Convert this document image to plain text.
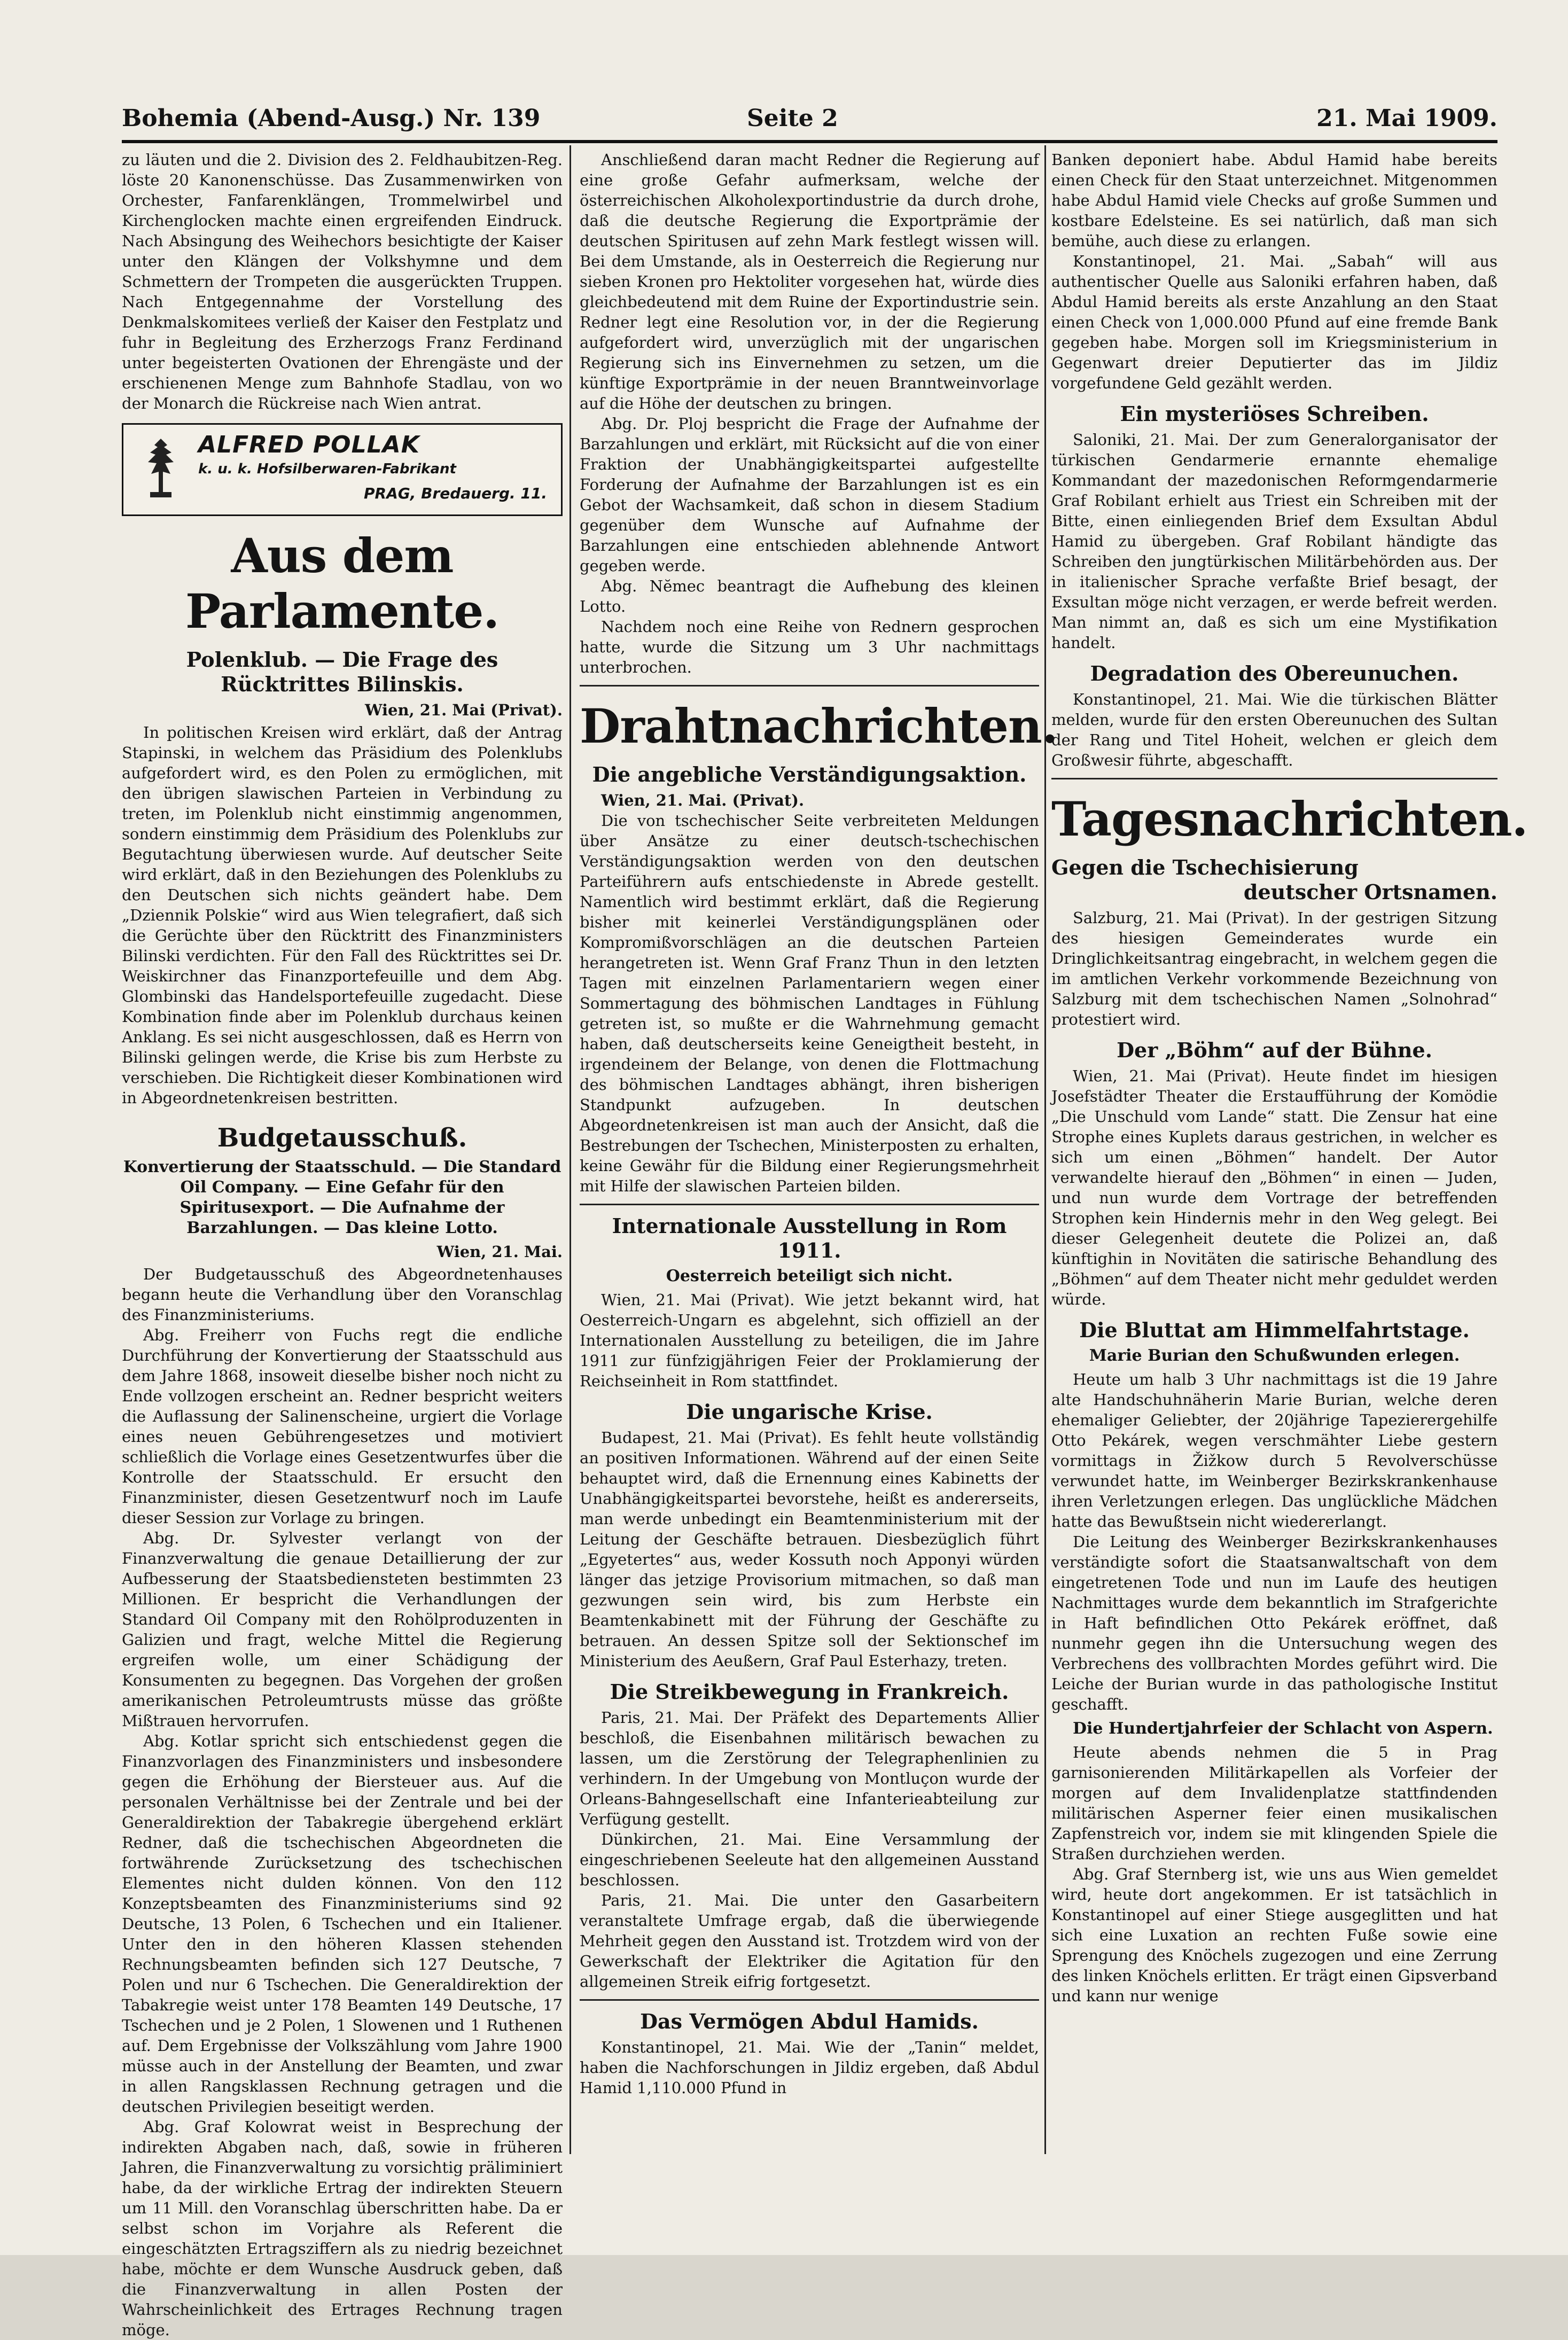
Bohemia (Abend-Ausg.) Nr. 139	Seite 2	21. Mai 1909.

zu läuten und die 2. Division des 2. Feldhaubitzen-Reg. löste 20 Kanonenschüsse. Das Zusammenwirken von Orchester, Fanfarenklängen, Trommelwirbel und Kirchenglocken machte einen ergreifenden Eindruck. Nach Absingung des Weihechors besichtigte der Kaiser unter den Klängen der Volkshymne und dem Schmettern der Trompeten die ausgerückten Truppen. Nach Entgegennahme der Vorstellung des Denkmalskomitees verließ der Kaiser den Festplatz und fuhr in Begleitung des Erzherzogs Franz Ferdinand unter begeisterten Ovationen der Ehrengäste und der erschienenen Menge zum Bahnhofe Stadlau, von wo der Monarch die Rückreise nach Wien antrat.

ALFRED POLLAK
k. u. k. Hofsilberwaren-Fabrikant
PRAG, Bredauerg. 11.
Aus dem Parlamente.
Polenklub. — Die Frage des Rücktrittes Bilinskis.
Wien, 21. Mai (Privat).

In politischen Kreisen wird erklärt, daß der Antrag Stapinski, in welchem das Präsidium des Polenklubs aufgefordert wird, es den Polen zu ermöglichen, mit den übrigen slawischen Parteien in Verbindung zu treten, im Polenklub nicht einstimmig angenommen, sondern einstimmig dem Präsidium des Polenklubs zur Begutachtung überwiesen wurde. Auf deutscher Seite wird erklärt, daß in den Beziehungen des Polenklubs zu den Deutschen sich nichts geändert habe. Dem „Dziennik Polskie“ wird aus Wien telegrafiert, daß sich die Gerüchte über den Rücktritt des Finanzministers Bilinski verdichten. Für den Fall des Rücktrittes sei Dr. Weiskirchner das Finanzportefeuille und dem Abg. Glombinski das Handelsportefeuille zugedacht. Diese Kombination finde aber im Polenklub durchaus keinen Anklang. Es sei nicht ausgeschlossen, daß es Herrn von Bilinski gelingen werde, die Krise bis zum Herbste zu verschieben. Die Richtigkeit dieser Kombinationen wird in Abgeordnetenkreisen bestritten.

Budgetausschuß.
Konvertierung der Staatsschuld. — Die Standard Oil Company. — Eine Gefahr für den Spiritusexport. — Die Aufnahme der Barzahlungen. — Das kleine Lotto.
Wien, 21. Mai.

Der Budgetausschuß des Abgeordnetenhauses begann heute die Verhandlung über den Voranschlag des Finanzministeriums.

Abg. Freiherr von Fuchs regt die endliche Durchführung der Konvertierung der Staatsschuld aus dem Jahre 1868, insoweit dieselbe bisher noch nicht zu Ende vollzogen erscheint an. Redner bespricht weiters die Auflassung der Salinenscheine, urgiert die Vorlage eines neuen Gebührengesetzes und motiviert schließlich die Vorlage eines Gesetzentwurfes über die Kontrolle der Staatsschuld. Er ersucht den Finanzminister, diesen Gesetzentwurf noch im Laufe dieser Session zur Vorlage zu bringen.

Abg. Dr. Sylvester verlangt von der Finanzverwaltung die genaue Detaillierung der zur Aufbesserung der Staatsbediensteten bestimmten 23 Millionen. Er bespricht die Verhandlungen der Standard Oil Company mit den Rohölproduzenten in Galizien und fragt, welche Mittel die Regierung ergreifen wolle, um einer Schädigung der Konsumenten zu begegnen. Das Vorgehen der großen amerikanischen Petroleumtrusts müsse das größte Mißtrauen hervorrufen.

Abg. Kotlar spricht sich entschiedenst gegen die Finanzvorlagen des Finanzministers und insbesondere gegen die Erhöhung der Biersteuer aus. Auf die personalen Verhältnisse bei der Zentrale und bei der Generaldirektion der Tabakregie übergehend erklärt Redner, daß die tschechischen Abgeordneten die fortwährende Zurücksetzung des tschechischen Elementes nicht dulden können. Von den 112 Konzeptsbeamten des Finanzministeriums sind 92 Deutsche, 13 Polen, 6 Tschechen und ein Italiener. Unter den in den höheren Klassen stehenden Rechnungsbeamten befinden sich 127 Deutsche, 7 Polen und nur 6 Tschechen. Die Generaldirektion der Tabakregie weist unter 178 Beamten 149 Deutsche, 17 Tschechen und je 2 Polen, 1 Slowenen und 1 Ruthenen auf. Dem Ergebnisse der Volkszählung vom Jahre 1900 müsse auch in der Anstellung der Beamten, und zwar in allen Rangsklassen Rechnung getragen und die deutschen Privilegien beseitigt werden.

Abg. Graf Kolowrat weist in Besprechung der indirekten Abgaben nach, daß, sowie in früheren Jahren, die Finanzverwaltung zu vorsichtig präliminiert habe, da der wirkliche Ertrag der indirekten Steuern um 11 Mill. den Voranschlag überschritten habe. Da er selbst schon im Vorjahre als Referent die eingeschätzten Ertragsziffern als zu niedrig bezeichnet habe, möchte er dem Wunsche Ausdruck geben, daß die Finanzverwaltung in allen Posten der Wahrscheinlichkeit des Ertrages Rechnung tragen möge.

Anschließend daran macht Redner die Regierung auf eine große Gefahr aufmerksam, welche der österreichischen Alkoholexportindustrie da durch drohe, daß die deutsche Regierung die Exportprämie der deutschen Spiritusen auf zehn Mark festlegt wissen will. Bei dem Umstande, als in Oesterreich die Regierung nur sieben Kronen pro Hektoliter vorgesehen hat, würde dies gleichbedeutend mit dem Ruine der Exportindustrie sein. Redner legt eine Resolution vor, in der die Regierung aufgefordert wird, unverzüglich mit der ungarischen Regierung sich ins Einvernehmen zu setzen, um die künftige Exportprämie in der neuen Branntweinvorlage auf die Höhe der deutschen zu bringen.

Abg. Dr. Ploj bespricht die Frage der Aufnahme der Barzahlungen und erklärt, mit Rücksicht auf die von einer Fraktion der Unabhängigkeitspartei aufgestellte Forderung der Aufnahme der Barzahlungen ist es ein Gebot der Wachsamkeit, daß schon in diesem Stadium gegenüber dem Wunsche auf Aufnahme der Barzahlungen eine entschieden ablehnende Antwort gegeben werde.

Abg. Nĕmec beantragt die Aufhebung des kleinen Lotto.

Nachdem noch eine Reihe von Rednern gesprochen hatte, wurde die Sitzung um 3 Uhr nachmittags unterbrochen.

Drahtnachrichten.
Die angebliche Verständigungsaktion.

Wien, 21. Mai. (Privat).

Die von tschechischer Seite verbreiteten Meldungen über Ansätze zu einer deutsch-tschechischen Verständigungsaktion werden von den deutschen Parteiführern aufs entschiedenste in Abrede gestellt. Namentlich wird bestimmt erklärt, daß die Regierung bisher mit keinerlei Verständigungsplänen oder Kompromißvorschlägen an die deutschen Parteien herangetreten ist. Wenn Graf Franz Thun in den letzten Tagen mit einzelnen Parlamentariern wegen einer Sommertagung des böhmischen Landtages in Fühlung getreten ist, so mußte er die Wahrnehmung gemacht haben, daß deutscherseits keine Geneigtheit besteht, in irgendeinem der Belange, von denen die Flottmachung des böhmischen Landtages abhängt, ihren bisherigen Standpunkt aufzugeben. In deutschen Abgeordnetenkreisen ist man auch der Ansicht, daß die Bestrebungen der Tschechen, Ministerposten zu erhalten, keine Gewähr für die Bildung einer Regierungsmehrheit mit Hilfe der slawischen Parteien bilden.

Internationale Ausstellung in Rom 1911.
Oesterreich beteiligt sich nicht.

Wien, 21. Mai (Privat). Wie jetzt bekannt wird, hat Oesterreich-Ungarn es abgelehnt, sich offiziell an der Internationalen Ausstellung zu beteiligen, die im Jahre 1911 zur fünfzigjährigen Feier der Proklamierung der Reichseinheit in Rom stattfindet.

Die ungarische Krise.

Budapest, 21. Mai (Privat). Es fehlt heute vollständig an positiven Informationen. Während auf der einen Seite behauptet wird, daß die Ernennung eines Kabinetts der Unabhängigkeitspartei bevorstehe, heißt es andererseits, man werde unbedingt ein Beamtenministerium mit der Leitung der Geschäfte betrauen. Diesbezüglich führt „Egyetertes“ aus, weder Kossuth noch Apponyi würden länger das jetzige Provisorium mitmachen, so daß man gezwungen sein wird, bis zum Herbste ein Beamtenkabinett mit der Führung der Geschäfte zu betrauen. An dessen Spitze soll der Sektionschef im Ministerium des Aeußern, Graf Paul Esterhazy, treten.

Die Streikbewegung in Frankreich.

Paris, 21. Mai. Der Präfekt des Departements Allier beschloß, die Eisenbahnen militärisch bewachen zu lassen, um die Zerstörung der Telegraphenlinien zu verhindern. In der Umgebung von Montluçon wurde der Orleans-Bahngesellschaft eine Infanterieabteilung zur Verfügung gestellt.

Dünkirchen, 21. Mai. Eine Versammlung der eingeschriebenen Seeleute hat den allgemeinen Ausstand beschlossen.

Paris, 21. Mai. Die unter den Gasarbeitern veranstaltete Umfrage ergab, daß die überwiegende Mehrheit gegen den Ausstand ist. Trotzdem wird von der Gewerkschaft der Elektriker die Agitation für den allgemeinen Streik eifrig fortgesetzt.

Das Vermögen Abdul Hamids.

Konstantinopel, 21. Mai. Wie der „Tanin“ meldet, haben die Nachforschungen in Jildiz ergeben, daß Abdul Hamid 1,110.000 Pfund in

Banken deponiert habe. Abdul Hamid habe bereits einen Check für den Staat unterzeichnet. Mitgenommen habe Abdul Hamid viele Checks auf große Summen und kostbare Edelsteine. Es sei natürlich, daß man sich bemühe, auch diese zu erlangen.

Konstantinopel, 21. Mai. „Sabah“ will aus authentischer Quelle aus Saloniki erfahren haben, daß Abdul Hamid bereits als erste Anzahlung an den Staat einen Check von 1,000.000 Pfund auf eine fremde Bank gegeben habe. Morgen soll im Kriegsministerium in Gegenwart dreier Deputierter das im Jildiz vorgefundene Geld gezählt werden.

Ein mysteriöses Schreiben.

Saloniki, 21. Mai. Der zum Generalorganisator der türkischen Gendarmerie ernannte ehemalige Kommandant der mazedonischen Reformgendarmerie Graf Robilant erhielt aus Triest ein Schreiben mit der Bitte, einen einliegenden Brief dem Exsultan Abdul Hamid zu übergeben. Graf Robilant händigte das Schreiben den jungtürkischen Militärbehörden aus. Der in italienischer Sprache verfaßte Brief besagt, der Exsultan möge nicht verzagen, er werde befreit werden. Man nimmt an, daß es sich um eine Mystifikation handelt.

Degradation des Obereunuchen.

Konstantinopel, 21. Mai. Wie die türkischen Blätter melden, wurde für den ersten Obereunuchen des Sultan der Rang und Titel Hoheit, welchen er gleich dem Großwesir führte, abgeschafft.

Tagesnachrichten.
Gegen die Tschechisierung
deutscher Ortsnamen.

Salzburg, 21. Mai (Privat). In der gestrigen Sitzung des hiesigen Gemeinderates wurde ein Dringlichkeitsantrag eingebracht, in welchem gegen die im amtlichen Verkehr vorkommende Bezeichnung von Salzburg mit dem tschechischen Namen „Solnohrad“ protestiert wird.

Der „Böhm“ auf der Bühne.

Wien, 21. Mai (Privat). Heute findet im hiesigen Josefstädter Theater die Erstaufführung der Komödie „Die Unschuld vom Lande“ statt. Die Zensur hat eine Strophe eines Kuplets daraus gestrichen, in welcher es sich um einen „Böhmen“ handelt. Der Autor verwandelte hierauf den „Böhmen“ in einen — Juden, und nun wurde dem Vortrage der betreffenden Strophen kein Hindernis mehr in den Weg gelegt. Bei dieser Gelegenheit deutete die Polizei an, daß künftighin in Novitäten die satirische Behandlung des „Böhmen“ auf dem Theater nicht mehr geduldet werden würde.

Die Bluttat am Himmelfahrtstage.
Marie Burian den Schußwunden erlegen.

Heute um halb 3 Uhr nachmittags ist die 19 Jahre alte Handschuhnäherin Marie Burian, welche deren ehemaliger Geliebter, der 20jährige Tapezierergehilfe Otto Pekárek, wegen verschmähter Liebe gestern vormittags in Žižkow durch 5 Revolverschüsse verwundet hatte, im Weinberger Bezirkskrankenhause ihren Verletzungen erlegen. Das unglückliche Mädchen hatte das Bewußtsein nicht wiedererlangt.

Die Leitung des Weinberger Bezirkskrankenhauses verständigte sofort die Staatsanwaltschaft von dem eingetretenen Tode und nun im Laufe des heutigen Nachmittages wurde dem bekanntlich im Strafgerichte in Haft befindlichen Otto Pekárek eröffnet, daß nunmehr gegen ihn die Untersuchung wegen des Verbrechens des vollbrachten Mordes geführt wird. Die Leiche der Burian wurde in das pathologische Institut geschafft.

Die Hundertjahrfeier der Schlacht von Aspern.

Heute abends nehmen die 5 in Prag garnisonierenden Militärkapellen als Vorfeier der morgen auf dem Invalidenplatze stattfindenden militärischen Asperner feier einen musikalischen Zapfenstreich vor, indem sie mit klingenden Spiele die Straßen durchziehen werden.

Abg. Graf Sternberg ist, wie uns aus Wien gemeldet wird, heute dort angekommen. Er ist tatsächlich in Konstantinopel auf einer Stiege ausgeglitten und hat sich eine Luxation an rechten Fuße sowie eine Sprengung des Knöchels zugezogen und eine Zerrung des linken Knöchels erlitten. Er trägt einen Gipsverband und kann nur wenige
